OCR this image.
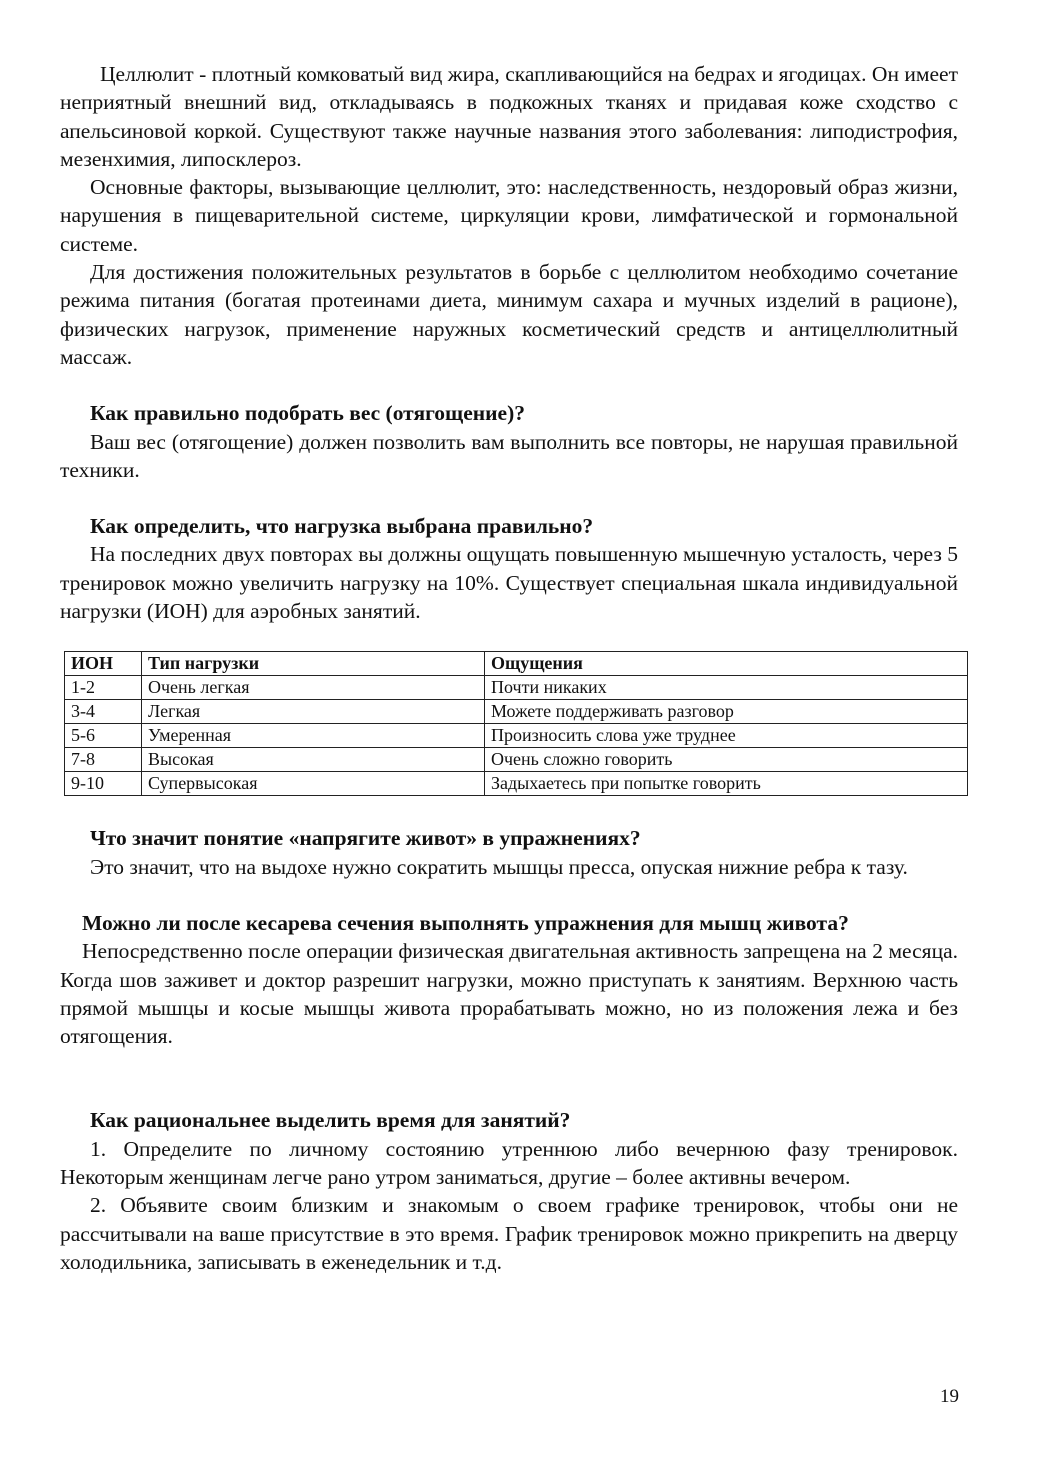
Целлюлит - плотный комковатый вид жира, скапливающийся на бедрах и ягодицах. Он имеет неприятный внешний вид, откладываясь в подкожных тканях и придавая коже сходство с апельсиновой коркой. Существуют также научные названия этого заболевания: липодистрофия, мезенхимия, липосклероз.

Основные факторы, вызывающие целлюлит, это: наследственность, нездоровый образ жизни, нарушения в пищеварительной системе, циркуляции крови, лимфатической и гормональной системе.

Для достижения положительных результатов в борьбе с целлюлитом необходимо сочетание режима питания (богатая протеинами диета, минимум сахара и мучных изделий в рационе), физических нагрузок, применение наружных косметический средств и антицеллюлитный массаж.

Как правильно подобрать вес (отягощение)?

Ваш вес (отягощение) должен позволить вам выполнить все повторы, не нарушая правильной техники.

Как определить, что нагрузка выбрана правильно?

На последних двух повторах вы должны ощущать повышенную мышечную усталость, через 5 тренировок можно увеличить нагрузку на 10%. Существует специальная шкала индивидуальной нагрузки (ИОН) для аэробных занятий.

ИОН	Тип нагрузки	Ощущения
1-2	Очень легкая	Почти никаких
3-4	Легкая	Можете поддерживать разговор
5-6	Умеренная	Произносить слова уже труднее
7-8	Высокая	Очень сложно говорить
9-10	Супервысокая	Задыхаетесь при попытке говорить
Что значит понятие «напрягите живот» в упражнениях?

Это значит, что на выдохе нужно сократить мышцы пресса, опуская нижние ребра к тазу.

Можно ли после кесарева сечения выполнять упражнения для мышц живота?

Непосредственно после операции физическая двигательная активность запрещена на 2 месяца. Когда шов заживет и доктор разрешит нагрузки, можно приступать к занятиям. Верхнюю часть прямой мышцы и косые мышцы живота прорабатывать можно, но из положения лежа и без отягощения.

Как рациональнее выделить время для занятий?

1. Определите по личному состоянию утреннюю либо вечернюю фазу тренировок. Некоторым женщинам легче рано утром заниматься, другие – более активны вечером.

2. Объявите своим близким и знакомым о своем графике тренировок, чтобы они не рассчитывали на ваше присутствие в это время. График тренировок можно прикрепить на дверцу холодильника, записывать в еженедельник и т.д.

19
